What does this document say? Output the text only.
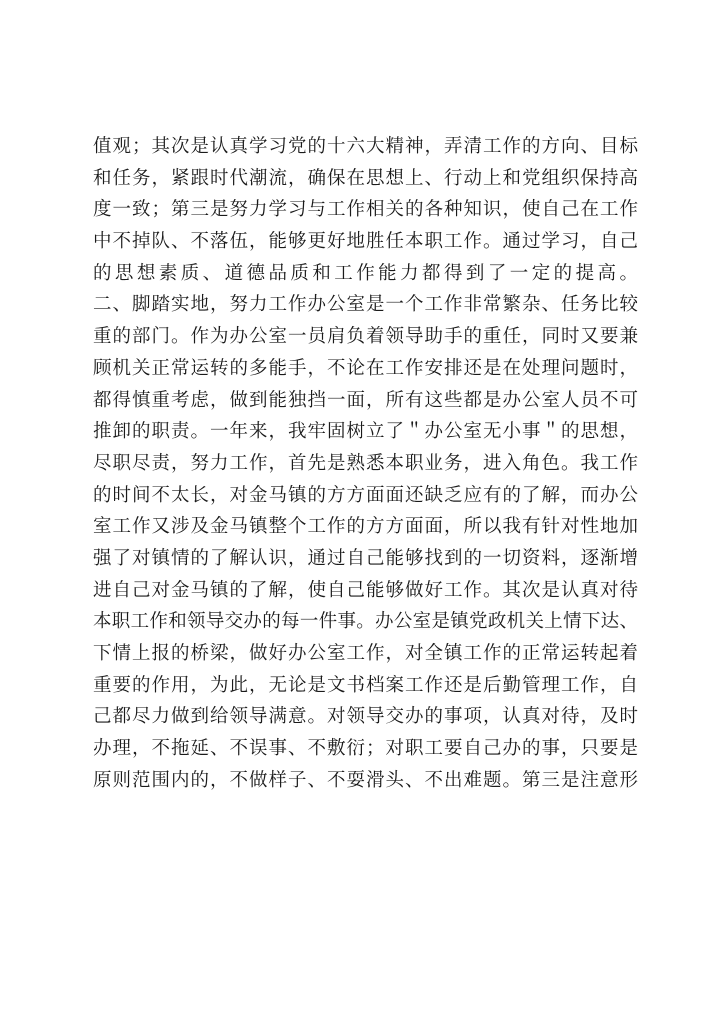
值观；其次是认真学习党的十六大精神，弄清工作的方向、目标
和任务，紧跟时代潮流，确保在思想上、行动上和党组织保持高
度一致；第三是努力学习与工作相关的各种知识，使自己在工作
中不掉队、不落伍，能够更好地胜任本职工作。通过学习，自己
的思想素质、道德品质和工作能力都得到了一定的提高。
二、脚踏实地，努力工作办公室是一个工作非常繁杂、任务比较
重的部门。作为办公室一员肩负着领导助手的重任，同时又要兼
顾机关正常运转的多能手，不论在工作安排还是在处理问题时，
都得慎重考虑，做到能独挡一面，所有这些都是办公室人员不可
推卸的职责。一年来，我牢固树立了＂办公室无小事＂的思想，
尽职尽责，努力工作，首先是熟悉本职业务，进入角色。我工作
的时间不太长，对金马镇的方方面面还缺乏应有的了解，而办公
室工作又涉及金马镇整个工作的方方面面，所以我有针对性地加
强了对镇情的了解认识，通过自己能够找到的一切资料，逐渐增
进自己对金马镇的了解，使自己能够做好工作。其次是认真对待
本职工作和领导交办的每一件事。办公室是镇党政机关上情下达、
下情上报的桥梁，做好办公室工作，对全镇工作的正常运转起着
重要的作用，为此，无论是文书档案工作还是后勤管理工作，自
己都尽力做到给领导满意。对领导交办的事项，认真对待，及时
办理，不拖延、不误事、不敷衍；对职工要自己办的事，只要是
原则范围内的，不做样子、不耍滑头、不出难题。第三是注意形
